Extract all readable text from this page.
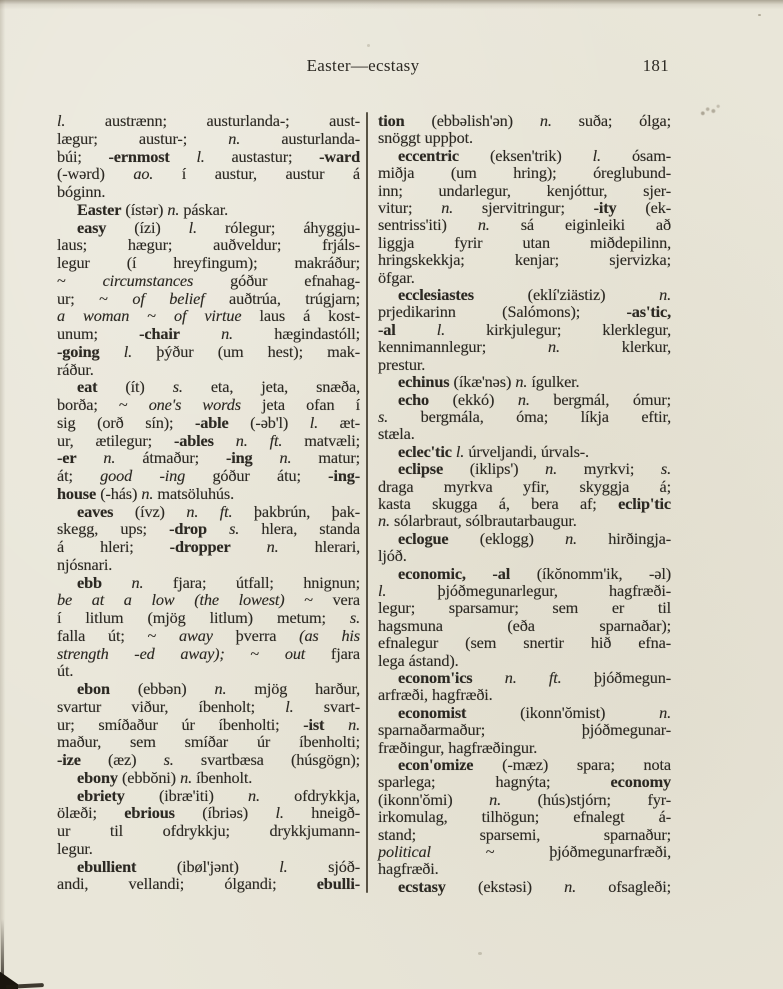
Easter—ecstasy	181
l. austrænn; austurlanda-; aust-
lægur; austur-; n. austurlanda-
búi; -ernmost l. austastur; -ward
(-wərd) ao. í austur, austur á
bóginn.
Easter (ístər) n. páskar.
easy (ízi) l. rólegur; áhyggju-
laus; hægur; auðveldur; frjáls-
legur (í hreyfingum); makráður;
~ circumstances góður efnahag-
ur; ~ of belief auðtrúa, trúgjarn;
a woman ~ of virtue laus á kost-
unum; -chair	n. hægindastóll;
-going l. þýður (um hest); mak-
ráður.
eat (ít) s. eta, jeta, snæða,
borða; ~ one's words jeta ofan í
sig (orð sín); -able (-əb'l) l. æt-
ur, ætilegur; -ables n. ft. matvæli;
-er n. átmaður; -ing n. matur;
át; good -ing góður átu; -ing-
house (-hás) n. matsöluhús.
eaves (ívz) n. ft. þakbrún, þak-
skegg, ups; -drop s. hlera, standa
á hleri; -dropper n. hlerari,
njósnari.
ebb n. fjara; útfall; hnignun;
be at a low (the lowest) ~ vera
í litlum (mjög litlum) metum; s.
falla út; ~ away þverra (as his
strength -ed away); ~ out fjara
út.
ebon (ebbən) n. mjög harður,
svartur viður, íbenholt; l. svart-
ur; smíðaður úr íbenholti; -ist n.
maður, sem smíðar úr íbenholti;
-ize (æz) s. svartbæsa (húsgögn);
ebony (ebbŏni) n. íbenholt.
ebriety (ibræ'iti) n. ofdrykkja,
ölæði; ebrious (íbriəs) l. hneigð-
ur til ofdrykkju; drykkjumann-
legur.
ebullient (ibøl'jənt) l. sjóð-
andi, vellandi; ólgandi; ebulli-
tion (ebbəlish'ən) n. suða; ólga;
snöggt uppþot.
eccentric (eksen'trik) l. ósam-
miðja (um hring); óreglubund-
inn; undarlegur, kenjóttur, sjer-
vitur; n. sjervitringur; -ity (ek-
sentriss'iti) n. sá eiginleiki að
liggja fyrir utan miðdepilinn,
hringskekkja; kenjar; sjervizka;
öfgar.
ecclesiastes (eklí'ziästiz) n.
prjedikarinn (Salómons); -as'tic,
-al	l. kirkjulegur; klerklegur,
kennimannlegur; n. klerkur,
prestur.
echinus (íkæ'nəs) n. ígulker.
echo (ekkó) n. bergmál, ómur;
s. bergmála, óma; líkja eftir,
stæla.
eclec'tic l. úrveljandi, úrvals-.
eclipse (iklips') n. myrkvi; s.
draga myrkva yfir, skyggja á;
kasta skugga á, bera af; eclip'tic
n. sólarbraut, sólbrautarbaugur.
eclogue (eklogg) n. hirðingja-
ljóð.
economic, -al (íkŏnomm'ik, -əl)
l. þjóðmegunarlegur, hagfræði-
legur; sparsamur; sem er til
hagsmuna (eða sparnaðar);
efnalegur (sem snertir hið efna-
lega ástand).
econom'ics n. ft. þjóðmegun-
arfræði, hagfræði.
economist (ikonn'ŏmist) n.
sparnaðarmaður; þjóðmegunar-
fræðingur, hagfræðingur.
econ'omize (-mæz) spara; nota
sparlega; hagnýta; economy
(ikonn'ŏmi) n. (hús)stjórn; fyr-
irkomulag, tilhögun; efnalegt á-
stand; sparsemi, sparnaður;
political ~ þjóðmegunarfræði,
hagfræði.
ecstasy (ekstəsi) n. ofsagleði;
